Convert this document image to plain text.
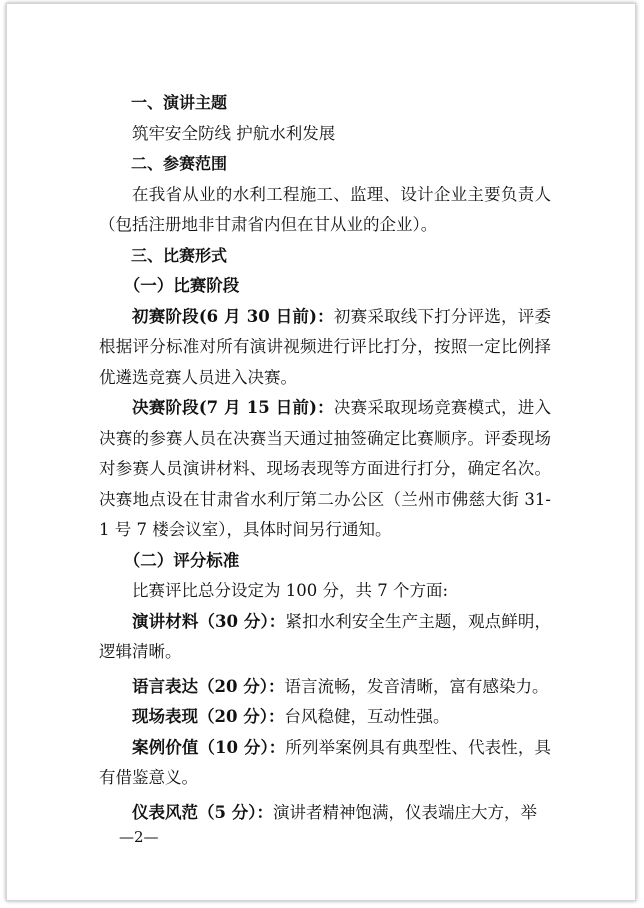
一、演讲主题

筑牢安全防线 护航水利发展

二、参赛范围

在我省从业的水利工程施工、监理、设计企业主要负责人（包括注册地非甘肃省内但在甘从业的企业）。

三、比赛形式

（一）比赛阶段

初赛阶段(6 月 30 日前)：初赛采取线下打分评选，评委根据评分标准对所有演讲视频进行评比打分，按照一定比例择优遴选竞赛人员进入决赛。

决赛阶段(7 月 15 日前)：决赛采取现场竞赛模式，进入决赛的参赛人员在决赛当天通过抽签确定比赛顺序。评委现场对参赛人员演讲材料、现场表现等方面进行打分，确定名次。决赛地点设在甘肃省水利厅第二办公区（兰州市佛慈大街 31-1 号 7 楼会议室），具体时间另行通知。

（二）评分标准

比赛评比总分设定为 100 分，共 7 个方面:

演讲材料（30 分）：紧扣水利安全生产主题，观点鲜明，逻辑清晰。

语言表达（20 分）：语言流畅，发音清晰，富有感染力。

现场表现（20 分）：台风稳健，互动性强。

案例价值（10 分）：所列举案例具有典型性、代表性，具有借鉴意义。

仪表风范（5 分）：演讲者精神饱满，仪表端庄大方，举

—2—
